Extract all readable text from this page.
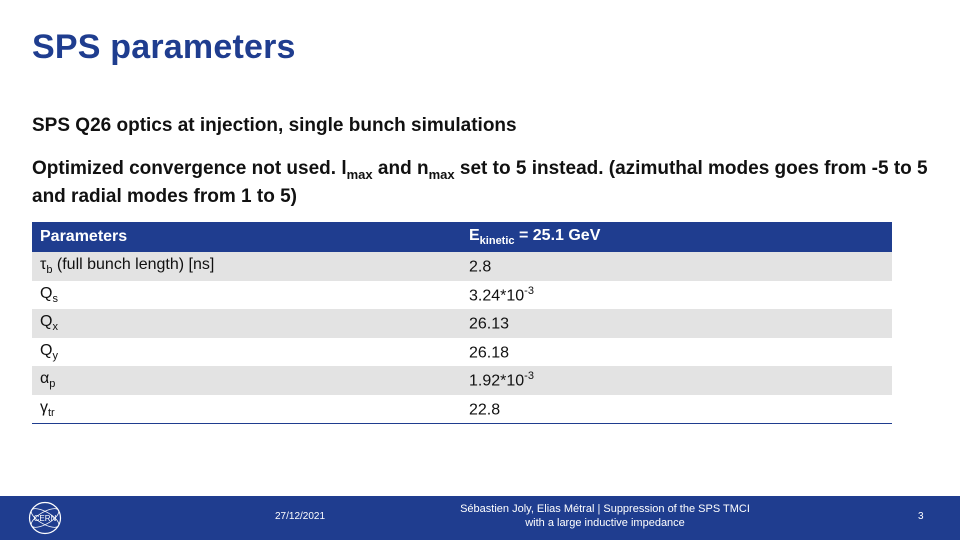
SPS parameters
SPS Q26 optics at injection, single bunch simulations
Optimized convergence not used. $l_{max}$ and $n_{max}$ set to 5 instead. (azimuthal modes goes from -5 to 5 and radial modes from 1 to 5)
Parameters	$E_{kinetic} = 25.1$ GeV
$\tau_b$ (full bunch length) [ns]	2.8
$Q_s$	$3.24*10^{-3}$
$Q_x$	26.13
$Q_y$	26.18
$\alpha_p$	$1.92*10^{-3}$
$\gamma_{tr}$	22.8
CERN	27/12/2021
Sébastien Joly, Elias Métral | Suppression of the SPS TMCI
with a large inductive impedance
3
